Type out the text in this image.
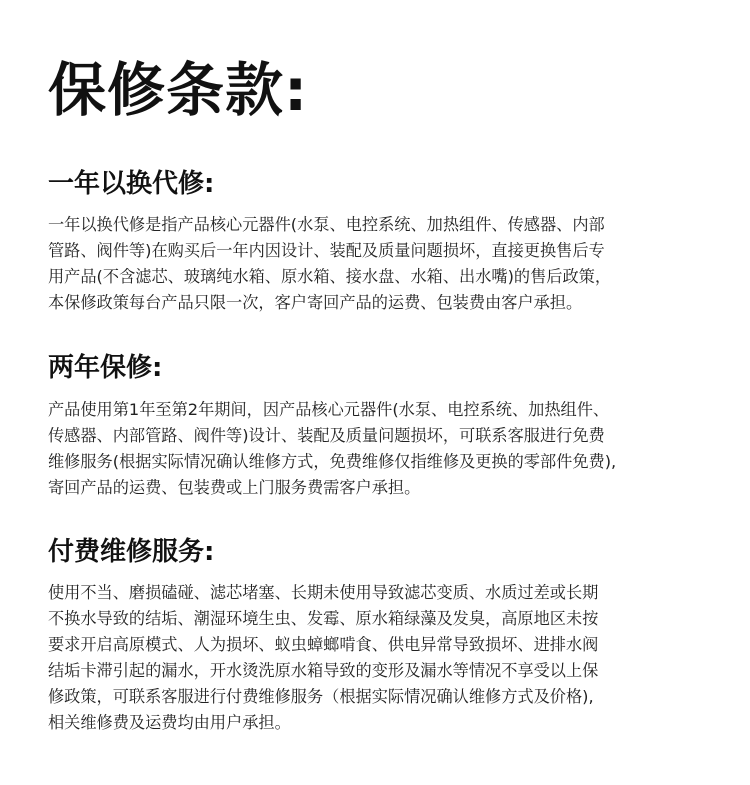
保修条款:
一年以换代修:

一年以换代修是指产品核心元器件(水泵、电控系统、加热组件、传感器、内部
管路、阀件等)在购买后一年内因设计、装配及质量问题损坏，直接更换售后专
用产品(不含滤芯、玻璃纯水箱、原水箱、接水盘、水箱、出水嘴)的售后政策，
本保修政策每台产品只限一次，客户寄回产品的运费、包装费由客户承担。

两年保修:

产品使用第1年至第2年期间，因产品核心元器件(水泵、电控系统、加热组件、
传感器、内部管路、阀件等)设计、装配及质量问题损坏，可联系客服进行免费
维修服务(根据实际情况确认维修方式，免费维修仅指维修及更换的零部件免费),
寄回产品的运费、包装费或上门服务费需客户承担。

付费维修服务:

使用不当、磨损磕碰、滤芯堵塞、长期未使用导致滤芯变质、水质过差或长期
不换水导致的结垢、潮湿环境生虫、发霉、原水箱绿藻及发臭，高原地区未按
要求开启高原模式、人为损坏、蚁虫蟑螂啃食、供电异常导致损坏、进排水阀
结垢卡滞引起的漏水，开水烫洗原水箱导致的变形及漏水等情况不享受以上保
修政策，可联系客服进行付费维修服务（根据实际情况确认维修方式及价格),
相关维修费及运费均由用户承担。
